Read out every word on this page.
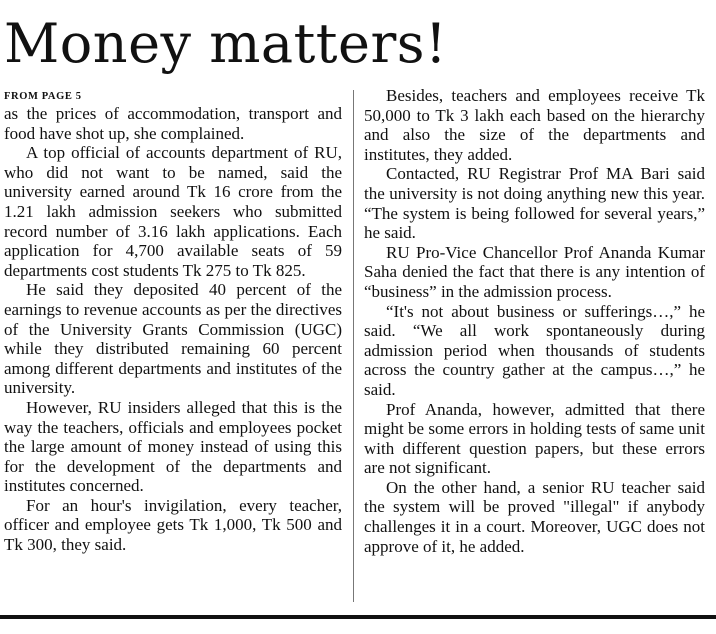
Money matters!
FROM PAGE 5

as the prices of accommodation, transport and food have shot up, she complained.

A top official of accounts department of RU, who did not want to be named, said the university earned around Tk 16 crore from the 1.21 lakh admission seekers who submitted record number of 3.16 lakh applications. Each application for 4,700 available seats of 59 departments cost students Tk 275 to Tk 825.

He said they deposited 40 percent of the earnings to revenue accounts as per the directives of the University Grants Commission (UGC) while they distributed remaining 60 percent among different departments and institutes of the university.

However, RU insiders alleged that this is the way the teachers, officials and employees pocket the large amount of money instead of using this for the development of the departments and institutes concerned.

For an hour's invigilation, every teacher, officer and employee gets Tk 1,000, Tk 500 and Tk 300, they said.

Besides, teachers and employees receive Tk 50,000 to Tk 3 lakh each based on the hierarchy and also the size of the departments and institutes, they added.

Contacted, RU Registrar Prof MA Bari said the university is not doing anything new this year. “The system is being followed for several years,” he said.

RU Pro-Vice Chancellor Prof Ananda Kumar Saha denied the fact that there is any intention of “business” in the admission process.

“It's not about business or sufferings…,” he said. “We all work spontaneously during admission period when thousands of students across the country gather at the campus…,” he said.

Prof Ananda, however, admitted that there might be some errors in holding tests of same unit with different question papers, but these errors are not significant.

On the other hand, a senior RU teacher said the system will be proved "illegal" if anybody challenges it in a court. Moreover, UGC does not approve of it, he added.
